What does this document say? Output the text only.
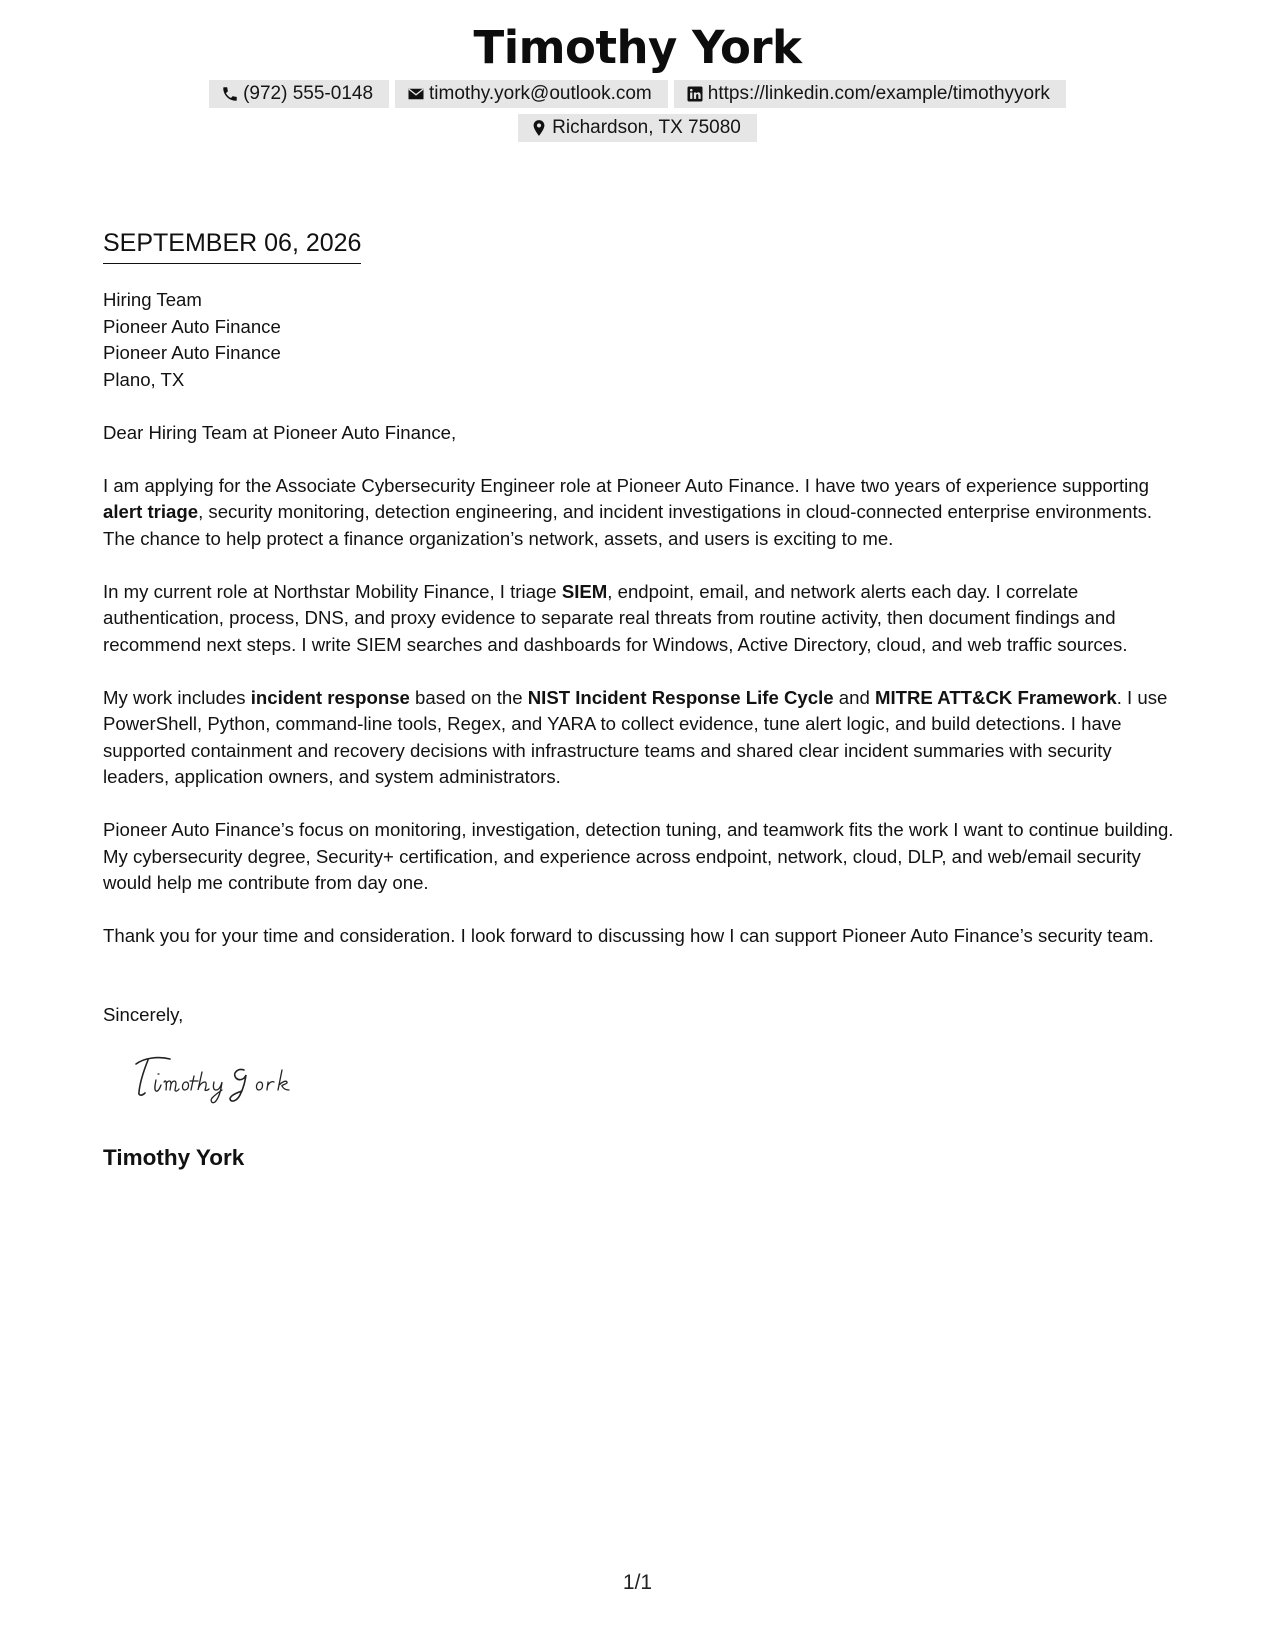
Timothy York
(972) 555-0148	timothy.york@outlook.com	https://linkedin.com/example/timothyyork
Richardson, TX 75080
SEPTEMBER 06, 2026
Hiring Team
Pioneer Auto Finance
Pioneer Auto Finance
Plano, TX

Dear Hiring Team at Pioneer Auto Finance,

I am applying for the Associate Cybersecurity Engineer role at Pioneer Auto Finance. I have two years of experience supporting alert triage, security monitoring, detection engineering, and incident investigations in cloud-connected enterprise environments. The chance to help protect a finance organization’s network, assets, and users is exciting to me.

In my current role at Northstar Mobility Finance, I triage SIEM, endpoint, email, and network alerts each day. I correlate authentication, process, DNS, and proxy evidence to separate real threats from routine activity, then document findings and recommend next steps. I write SIEM searches and dashboards for Windows, Active Directory, cloud, and web traffic sources.

My work includes incident response based on the NIST Incident Response Life Cycle and MITRE ATT&CK Framework. I use PowerShell, Python, command-line tools, Regex, and YARA to collect evidence, tune alert logic, and build detections. I have supported containment and recovery decisions with infrastructure teams and shared clear incident summaries with security leaders, application owners, and system administrators.

Pioneer Auto Finance’s focus on monitoring, investigation, detection tuning, and teamwork fits the work I want to continue building. My cybersecurity degree, Security+ certification, and experience across endpoint, network, cloud, DLP, and web/email security would help me contribute from day one.

Thank you for your time and consideration. I look forward to discussing how I can support Pioneer Auto Finance’s security team.

Sincerely,
Timothy York
1/1
